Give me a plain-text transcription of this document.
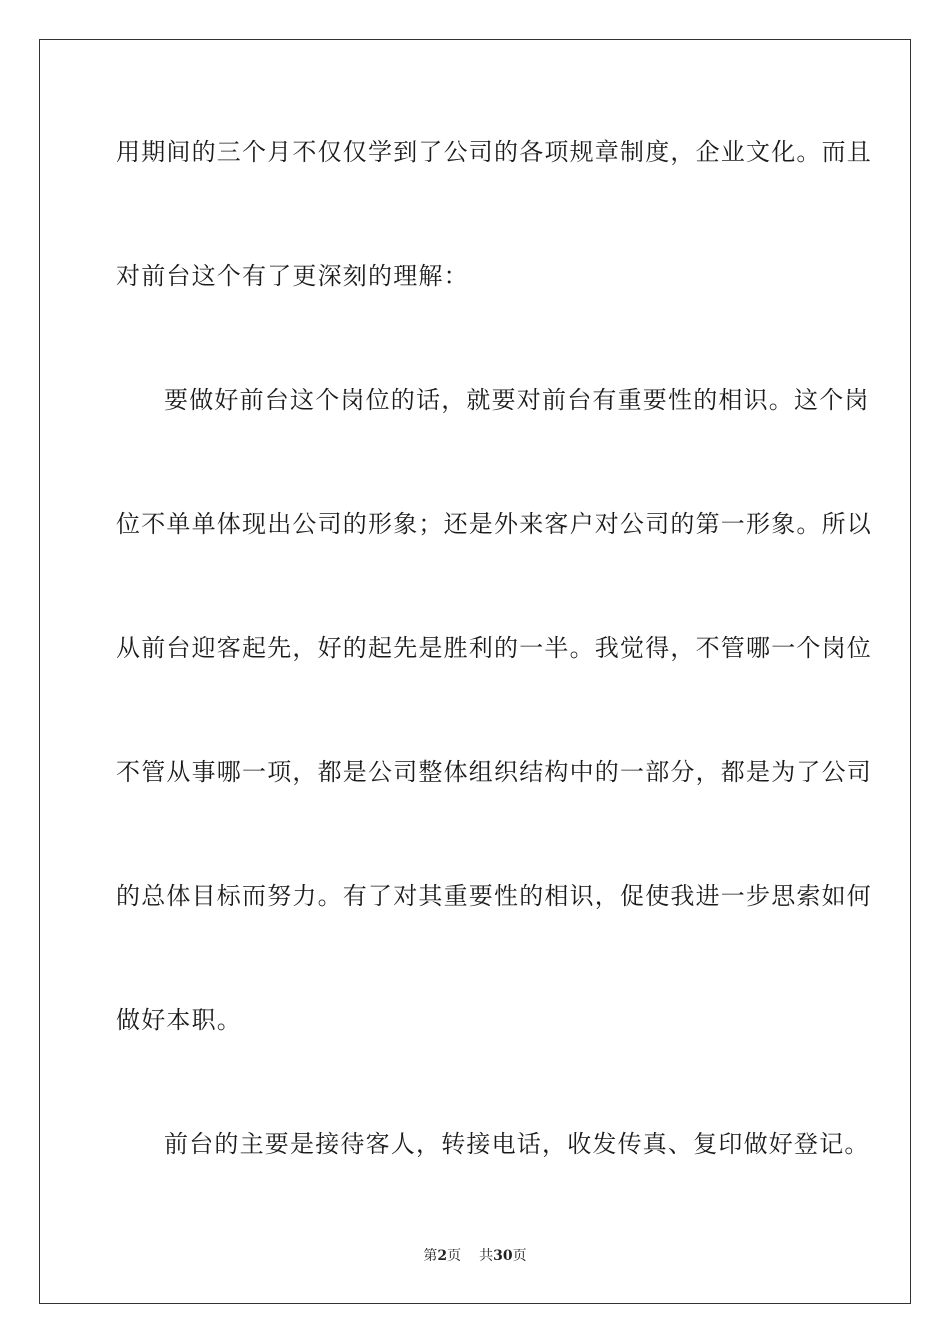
用期间的三个月不仅仅学到了公司的各项规章制度，企业文化。而且
对前台这个有了更深刻的理解：
要做好前台这个岗位的话，就要对前台有重要性的相识。这个岗
位不单单体现出公司的形象；还是外来客户对公司的第一形象。所以
从前台迎客起先，好的起先是胜利的一半。我觉得，不管哪一个岗位
不管从事哪一项，都是公司整体组织结构中的一部分，都是为了公司
的总体目标而努力。有了对其重要性的相识，促使我进一步思索如何
做好本职。
前台的主要是接待客人，转接电话，收发传真、复印做好登记。
第2页 共30页
